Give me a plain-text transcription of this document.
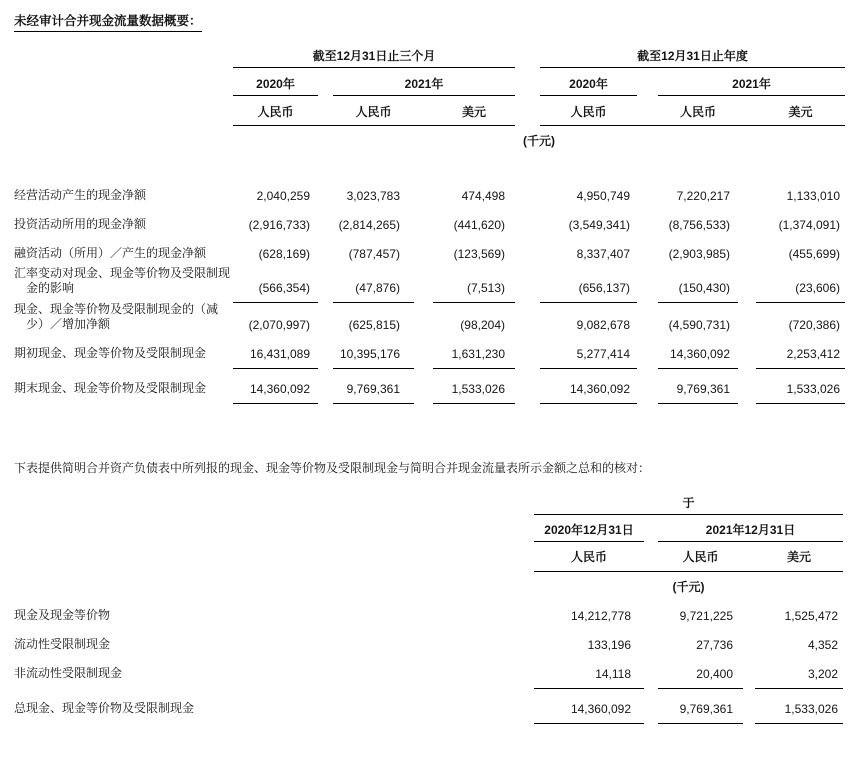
未经审计合并现金流量数据概要：
截至12月31日止三个月	截至12月31日止年度
2020年	2021年	2020年	2021年
人民币	人民币	美元	人民币	人民币	美元
(千元)
经营活动产生的现金净额	2,040,259	3,023,783	474,498	4,950,749	7,220,217	1,133,010
投资活动所用的现金净额	(2,916,733)	(2,814,265)	(441,620)	(3,549,341)	(8,756,533)	(1,374,091)
融资活动（所用）／产生的现金净额	(628,169)	(787,457)	(123,569)	8,337,407	(2,903,985)	(455,699)
汇率变动对现金、现金等价物及受限制现金的影响	(566,354)	(47,876)	(7,513)	(656,137)	(150,430)	(23,606)
现金、现金等价物及受限制现金的（减少）／增加净额	(2,070,997)	(625,815)	(98,204)	9,082,678	(4,590,731)	(720,386)
期初现金、现金等价物及受限制现金	16,431,089	10,395,176	1,631,230	5,277,414	14,360,092	2,253,412
期末现金、现金等价物及受限制现金	14,360,092	9,769,361	1,533,026	14,360,092	9,769,361	1,533,026
下表提供简明合并资产负债表中所列报的现金、现金等价物及受限制现金与简明合并现金流量表所示金额之总和的核对：
于
2020年12月31日	2021年12月31日
人民币	人民币	美元
(千元)
现金及现金等价物	14,212,778	9,721,225	1,525,472
流动性受限制现金	133,196	27,736	4,352
非流动性受限制现金	14,118	20,400	3,202
总现金、现金等价物及受限制现金	14,360,092	9,769,361	1,533,026
